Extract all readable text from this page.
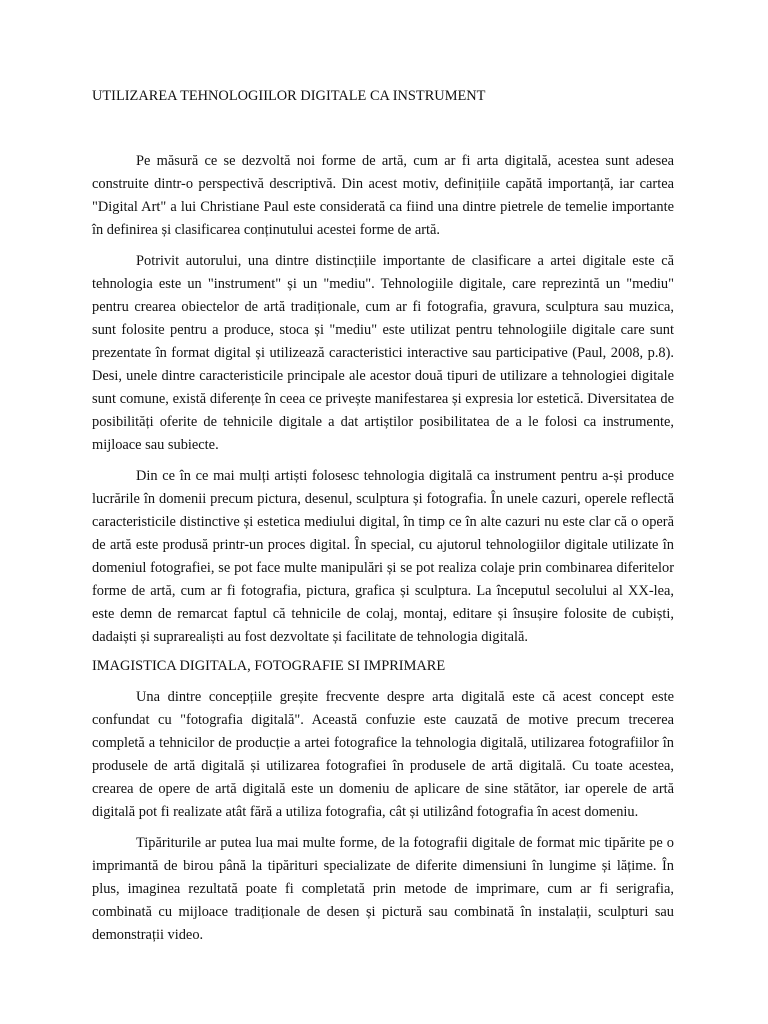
UTILIZAREA TEHNOLOGIILOR DIGITALE CA INSTRUMENT

Pe măsură ce se dezvoltă noi forme de artă, cum ar fi arta digitală, acestea sunt adesea construite dintr-o perspectivă descriptivă. Din acest motiv, definițiile capătă importanță, iar cartea "Digital Art" a lui Christiane Paul este considerată ca fiind una dintre pietrele de temelie importante în definirea și clasificarea conținutului acestei forme de artă.

Potrivit autorului, una dintre distincțiile importante de clasificare a artei digitale este că tehnologia este un "instrument" și un "mediu". Tehnologiile digitale, care reprezintă un "mediu" pentru crearea obiectelor de artă tradiționale, cum ar fi fotografia, gravura, sculptura sau muzica, sunt folosite pentru a produce, stoca și "mediu" este utilizat pentru tehnologiile digitale care sunt prezentate în format digital și utilizează caracteristici interactive sau participative (Paul, 2008, p.8). Desi, unele dintre caracteristicile principale ale acestor două tipuri de utilizare a tehnologiei digitale sunt comune, există diferențe în ceea ce privește manifestarea și expresia lor estetică. Diversitatea de posibilități oferite de tehnicile digitale a dat artiștilor posibilitatea de a le folosi ca instrumente, mijloace sau subiecte.

Din ce în ce mai mulți artiști folosesc tehnologia digitală ca instrument pentru a-și produce lucrările în domenii precum pictura, desenul, sculptura și fotografia. În unele cazuri, operele reflectă caracteristicile distinctive și estetica mediului digital, în timp ce în alte cazuri nu este clar că o operă de artă este produsă printr-un proces digital. În special, cu ajutorul tehnologiilor digitale utilizate în domeniul fotografiei, se pot face multe manipulări și se pot realiza colaje prin combinarea diferitelor forme de artă, cum ar fi fotografia, pictura, grafica și sculptura. La începutul secolului al XX-lea, este demn de remarcat faptul că tehnicile de colaj, montaj, editare și însușire folosite de cubiști, dadaiști și suprarealiști au fost dezvoltate și facilitate de tehnologia digitală.

IMAGISTICA DIGITALA, FOTOGRAFIE SI IMPRIMARE

Una dintre concepțiile greșite frecvente despre arta digitală este că acest concept este confundat cu "fotografia digitală". Această confuzie este cauzată de motive precum trecerea completă a tehnicilor de producție a artei fotografice la tehnologia digitală, utilizarea fotografiilor în produsele de artă digitală și utilizarea fotografiei în produsele de artă digitală. Cu toate acestea, crearea de opere de artă digitală este un domeniu de aplicare de sine stătător, iar operele de artă digitală pot fi realizate atât fără a utiliza fotografia, cât și utilizând fotografia în acest domeniu.

Tipăriturile ar putea lua mai multe forme, de la fotografii digitale de format mic tipărite pe o imprimantă de birou până la tipărituri specializate de diferite dimensiuni în lungime și lățime. În plus, imaginea rezultată poate fi completată prin metode de imprimare, cum ar fi serigrafia, combinată cu mijloace tradiționale de desen și pictură sau combinată în instalații, sculpturi sau demonstrații video.
